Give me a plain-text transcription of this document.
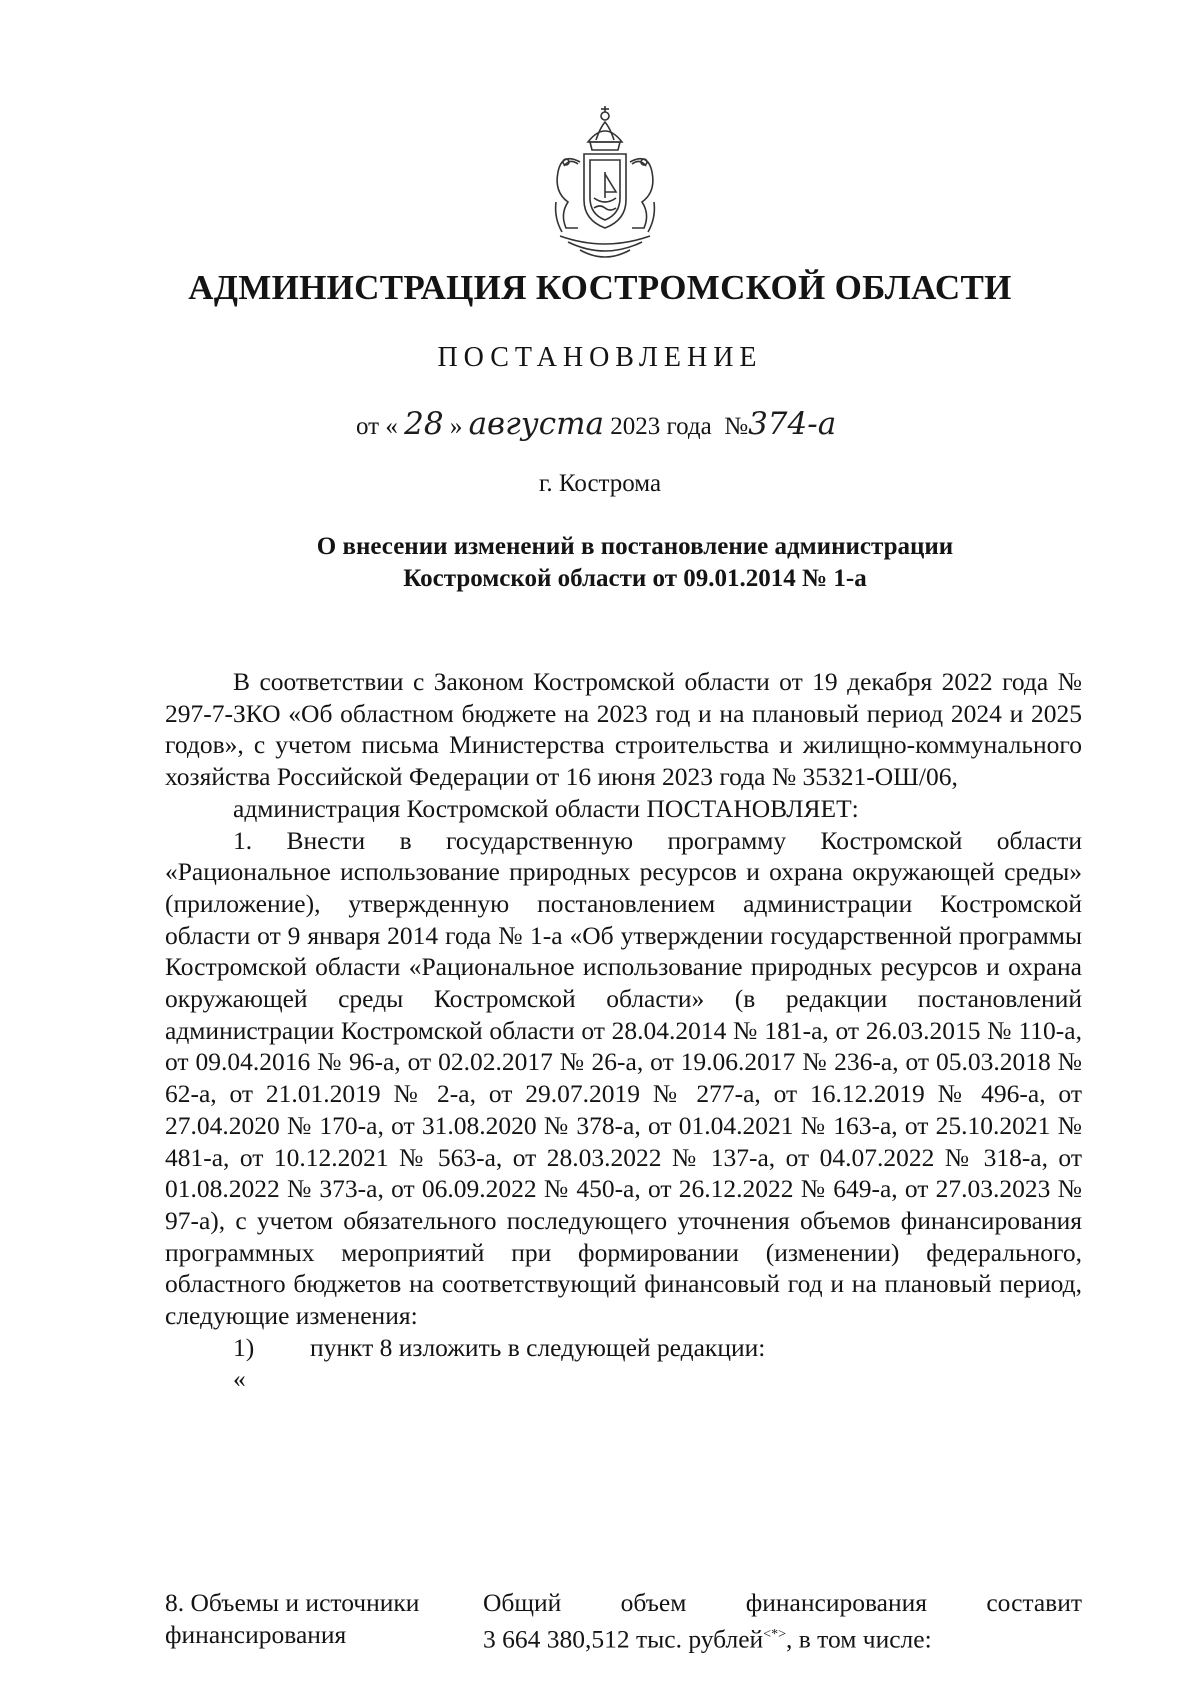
АДМИНИСТРАЦИЯ КОСТРОМСКОЙ ОБЛАСТИ
ПОСТАНОВЛЕНИЕ
от « 28 » августа 2023 года №374-а
г. Кострома
О внесении изменений в постановление администрации
Костромской области от 09.01.2014 № 1-а

В соответствии с Законом Костромской области от 19 декабря 2022 года № 297-7-ЗКО «Об областном бюджете на 2023 год и на плановый период 2024 и 2025 годов», с учетом письма Министерства строительства и жилищно-коммунального хозяйства Российской Федерации от 16 июня 2023 года № 35321-ОШ/06,

администрация Костромской области ПОСТАНОВЛЯЕТ:

1. Внести в государственную программу Костромской области «Рациональное использование природных ресурсов и охрана окружающей среды» (приложение), утвержденную постановлением администрации Костромской области от 9 января 2014 года № 1-а «Об утверждении государственной программы Костромской области «Рациональное использование природных ресурсов и охрана окружающей среды Костромской области» (в редакции постановлений администрации Костромской области от 28.04.2014 № 181-а, от 26.03.2015 № 110-а, от 09.04.2016 № 96-а, от 02.02.2017 № 26-а, от 19.06.2017 № 236-а, от 05.03.2018 № 62-а, от 21.01.2019 № 2-а, от 29.07.2019 № 277-а, от 16.12.2019 № 496-а, от 27.04.2020 № 170-а, от 31.08.2020 № 378-а, от 01.04.2021 № 163-а, от 25.10.2021 № 481-а, от 10.12.2021 № 563-а, от 28.03.2022 № 137-а, от 04.07.2022 № 318-а, от 01.08.2022 № 373-а, от 06.09.2022 № 450-а, от 26.12.2022 № 649-а, от 27.03.2023 № 97-а), с учетом обязательного последующего уточнения объемов финансирования программных мероприятий при формировании (изменении) федерального, областного бюджетов на соответствующий финансовый год и на плановый период, следующие изменения:

1) пункт 8 изложить в следующей редакции:
«
8. Объемы и источники
финансирования
Общий объем финансирования составит
3 664 380,512 тыс. рублей<*>, в том числе:
